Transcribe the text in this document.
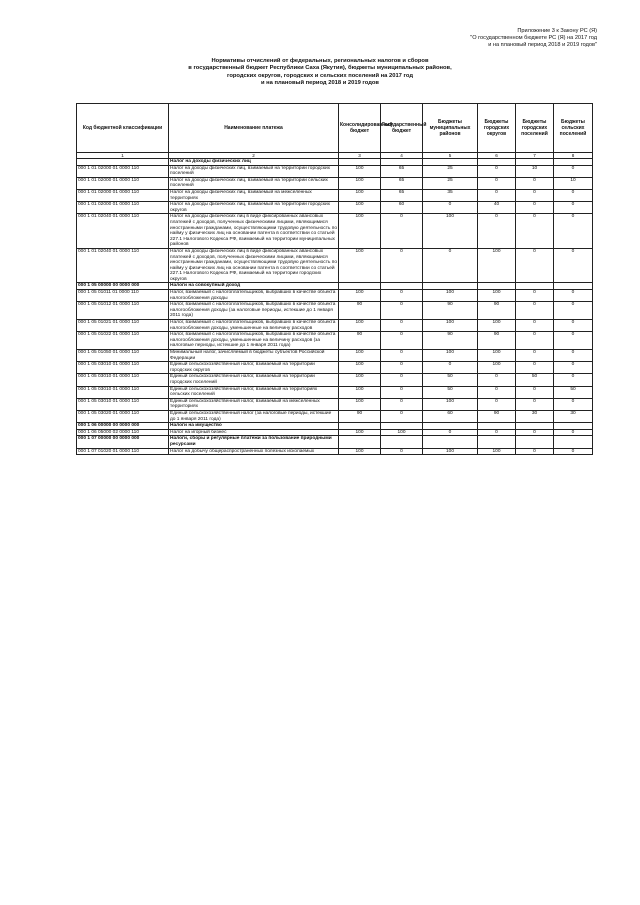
Приложение 3 к Закону РС (Я)
"О государственном бюджете РС (Я) на 2017 год
и на плановый период 2018 и 2019 годов"
Нормативы отчислений от федеральных, региональных налогов и сборов
в государственный бюджет Республики Саха (Якутия), бюджеты муниципальных районов,
городских округов, городских и сельских поселений на 2017 год
и на плановый период 2018 и 2019 годов
Код бюджетной классификации	Наименование платежа	Консолидированный бюджет	Государственный бюджет	Бюджеты муниципальных районов	Бюджеты городских округов	Бюджеты городских поселений	Бюджеты сельских поселений
1	2	3	4	5	6	7	8
	Налог на доходы физических лиц						
000 1 01 02000 01 0000 110	Налог на доходы физических лиц, взимаемый на территории городских поселений	100	65	25	0	10	0
000 1 01 02000 01 0000 110	Налог на доходы физических лиц, взимаемый на территории сельских поселений	100	65	25	0	0	10
000 1 01 02000 01 0000 110	Налог на доходы физических лиц, взимаемый на межселенных территориях	100	65	35	0	0	0
000 1 01 02000 01 0000 110	Налог на доходы физических лиц, взимаемый на территории городских округов	100	60	0	40	0	0
000 1 01 02040 01 0000 110	Налог на доходы физических лиц в виде фиксированных авансовых платежей с доходов, полученных физическими лицами, являющимися иностранными гражданами, осуществляющими трудовую деятельность по найму у физических лиц на основании патента в соответствии со статьей 227.1 Налогового Кодекса РФ, взимаемый на территории муниципальных районов	100	0	100	0	0	0
000 1 01 02040 01 0000 110	Налог на доходы физических лиц в виде фиксированных авансовых платежей с доходов, полученных физическими лицами, являющимися иностранными гражданами, осуществляющими трудовую деятельность по найму у физических лиц на основании патента в соответствии со статьей 227.1 Налогового Кодекса РФ, взимаемый на территории городских округов	100	0	0	100	0	0
000 1 05 00000 00 0000 000	Налоги на совокупный доход						
000 1 05 01011 01 0000 110	Налог, взимаемый с налогоплательщиков, выбравших в качестве объекта налогообложения доходы	100	0	100	100	0	0
000 1 05 01012 01 0000 110	Налог, взимаемый с налогоплательщиков, выбравших в качестве объекта налогообложения доходы (за налоговые периоды, истекшие до 1 января 2011 года)	90	0	90	90	0	0
000 1 05 01021 01 0000 110	Налог, взимаемый с налогоплательщиков, выбравших в качестве объекта налогообложения доходы, уменьшенные на величину расходов	100	0	100	100	0	0
000 1 05 01022 01 0000 110	Налог, взимаемый с налогоплательщиков, выбравших в качестве объекта налогообложения доходы, уменьшенные на величину расходов (за налоговые периоды, истекшие до 1 января 2011 года)	90	0	90	90	0	0
000 1 05 01050 01 0000 110	Минимальный налог, зачисляемый в бюджеты субъектов Российской Федерации	100	0	100	100	0	0
000 1 05 03010 01 0000 110	Единый сельскохозяйственный налог, взимаемый на территории городских округов	100	0	0	100	0	0
000 1 05 03010 01 0000 110	Единый сельскохозяйственный налог, взимаемый на территории городских поселений	100	0	50	0	50	0
000 1 05 03010 01 0000 110	Единый сельскохозяйственный налог, взимаемый на территориях сельских поселений	100	0	50	0	0	50
000 1 05 03010 01 0000 110	Единый сельскохозяйственный налог, взимаемый на межселенных территориях	100	0	100	0	0	0
000 1 05 03020 01 0000 110	Единый сельскохозяйственный налог (за налоговые периоды, истекшие до 1 января 2011 года)	90	0	60	90	30	30
000 1 06 00000 00 0000 000	Налоги на имущество						
000 1 06 05000 02 0000 110	Налог на игорный бизнес	100	100	0	0	0	0
000 1 07 00000 00 0000 000	Налоги, сборы и регулярные платежи за пользование природными ресурсами						
000 1 07 01020 01 0000 110	Налог на добычу общераспространенных полезных ископаемых	100	0	100	100	0	0
